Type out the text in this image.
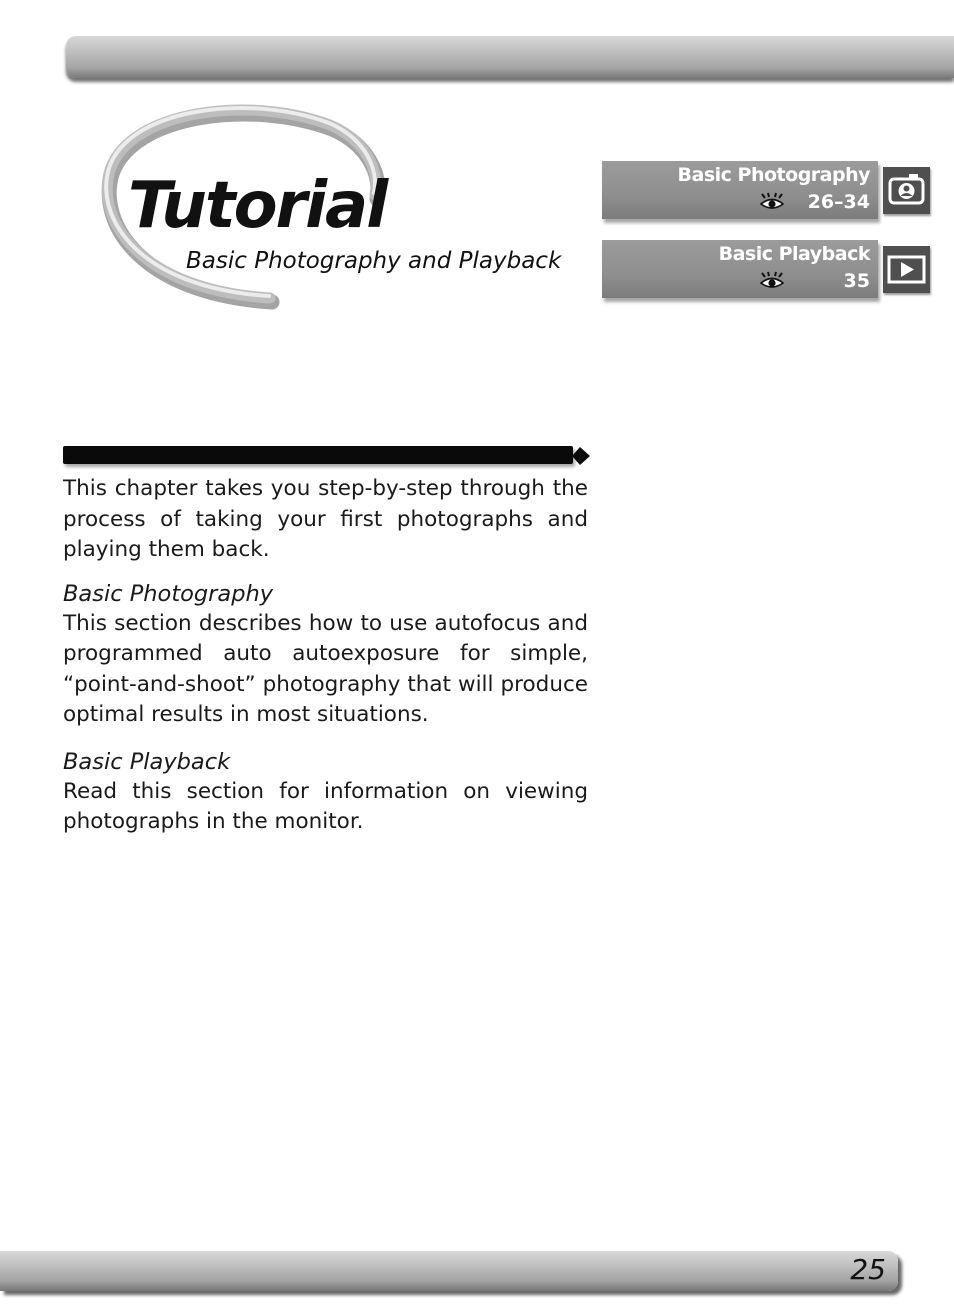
Tutorial

Basic Photography and Playback

Basic Photography
26–34
Basic Playback
35

This chapter takes you step-by-step through the process of taking your first photographs and playing them back.

Basic Photography

This section describes how to use autofocus and programmed auto autoexposure for simple, “point-and-shoot” photography that will produce optimal results in most situations.

Basic Playback

Read this section for information on viewing photographs in the monitor.

25
